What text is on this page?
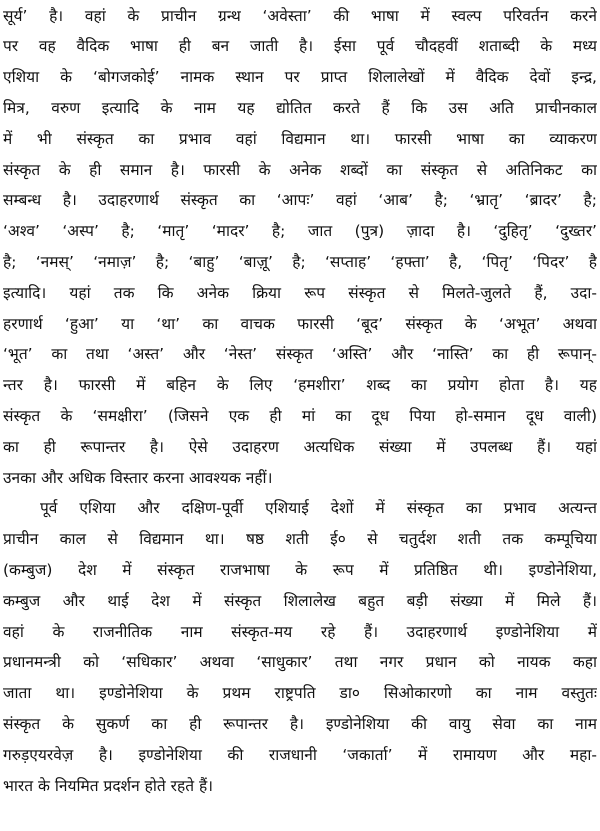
सूर्य’ है। वहां के प्राचीन ग्रन्थ ‘अवेस्ता’ की भाषा में स्वल्प परिवर्तन करने
पर वह वैदिक भाषा ही बन जाती है। ईसा पूर्व चौदहवीं शताब्दी के मध्य
एशिया के ‘बोगजकोई’ नामक स्थान पर प्राप्त शिलालेखों में वैदिक देवों इन्द्र,
मित्र, वरुण इत्यादि के नाम यह द्योतित करते हैं कि उस अति प्राचीनकाल
में भी संस्कृत का प्रभाव वहां विद्यमान था। फारसी भाषा का व्याकरण
संस्कृत के ही समान है। फारसी के अनेक शब्दों का संस्कृत से अतिनिकट का
सम्बन्ध है। उदाहरणार्थ संस्कृत का ‘आपः’ वहां ‘आब’ है; ‘भ्रातृ’ ‘ब्रादर’ है;
‘अश्व’ ‘अस्प’ है; ‘मातृ’ ‘मादर’ है; जात (पुत्र) ज़ादा है। ‘दुहितृ’ ‘दुख्तर’
है; ‘नमस्’ ‘नमाज़’ है; ‘बाहु’ ‘बाज़ू’ है; ‘सप्ताह’ ‘हफ्ता’ है, ‘पितृ’ ‘पिदर’ है
इत्यादि। यहां तक कि अनेक क्रिया रूप संस्कृत से मिलते-जुलते हैं, उदा-
हरणार्थ ‘हुआ’ या ‘था’ का वाचक फारसी ‘बूद’ संस्कृत के ‘अभूत’ अथवा
‘भूत’ का तथा ‘अस्त’ और ‘नेस्त’ संस्कृत ‘अस्ति’ और ‘नास्ति’ का ही रूपान्-
न्तर है। फारसी में बहिन के लिए ‘हमशीरा’ शब्द का प्रयोग होता है। यह
संस्कृत के ‘समक्षीरा’ (जिसने एक ही मां का दूध पिया हो-समान दूध वाली)
का ही रूपान्तर है। ऐसे उदाहरण अत्यधिक संख्या में उपलब्ध हैं। यहां
उनका और अधिक विस्तार करना आवश्यक नहीं।
पूर्व एशिया और दक्षिण-पूर्वी एशियाई देशों में संस्कृत का प्रभाव अत्यन्त
प्राचीन काल से विद्यमान था। षष्ठ शती ई० से चतुर्दश शती तक कम्पूचिया
(कम्बुज) देश में संस्कृत राजभाषा के रूप में प्रतिष्ठित थी। इण्डोनेशिया,
कम्बुज और थाई देश में संस्कृत शिलालेख बहुत बड़ी संख्या में मिले हैं।
वहां के राजनीतिक नाम संस्कृत-मय रहे हैं। उदाहरणार्थ इण्डोनेशिया में
प्रधानमन्त्री को ‘सधिकार’ अथवा ‘साधुकार’ तथा नगर प्रधान को नायक कहा
जाता था। इण्डोनेशिया के प्रथम राष्ट्रपति डा० सिओकारणो का नाम वस्तुतः
संस्कृत के सुकर्ण का ही रूपान्तर है। इण्डोनेशिया की वायु सेवा का नाम
गरुड़एयरवेज़ है। इण्डोनेशिया की राजधानी ‘जकार्ता’ में रामायण और महा-
भारत के नियमित प्रदर्शन होते रहते हैं।
